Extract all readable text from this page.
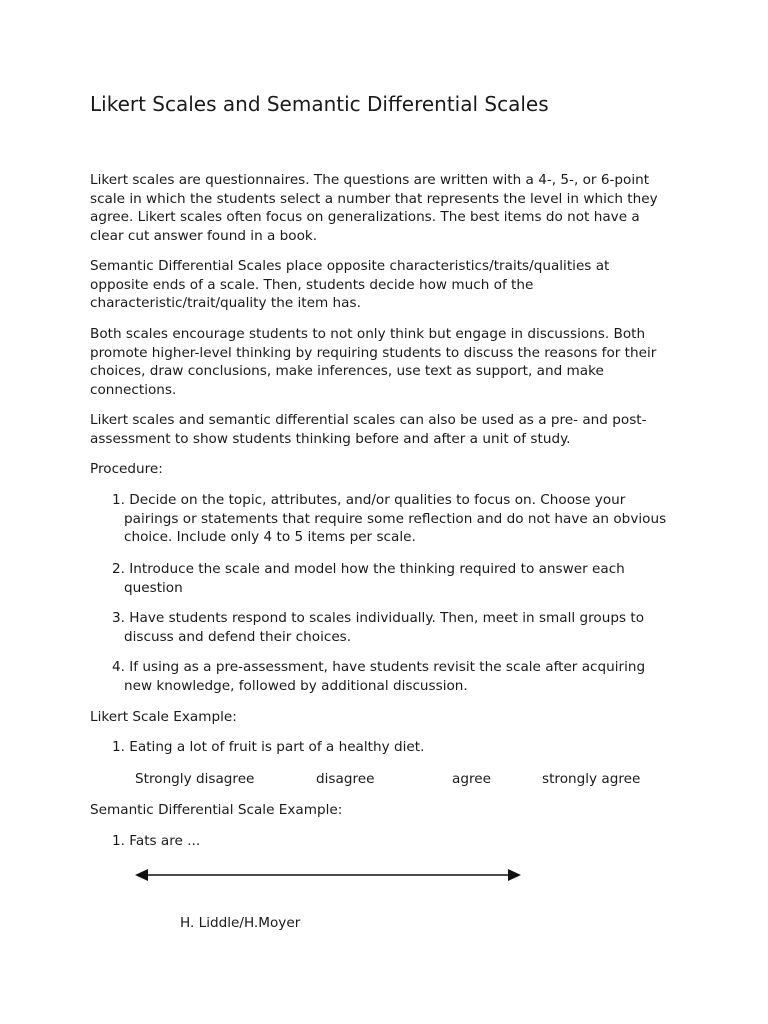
Likert Scales and Semantic Differential Scales
Likert scales are questionnaires. The questions are written with a 4-, 5-, or 6-point
scale in which the students select a number that represents the level in which they
agree. Likert scales often focus on generalizations. The best items do not have a
clear cut answer found in a book.
Semantic Differential Scales place opposite characteristics/traits/qualities at
opposite ends of a scale. Then, students decide how much of the
characteristic/trait/quality the item has.
Both scales encourage students to not only think but engage in discussions. Both
promote higher-level thinking by requiring students to discuss the reasons for their
choices, draw conclusions, make inferences, use text as support, and make
connections.
Likert scales and semantic differential scales can also be used as a pre- and post-
assessment to show students thinking before and after a unit of study.
Procedure:
1. Decide on the topic, attributes, and/or qualities to focus on. Choose your
pairings or statements that require some reflection and do not have an obvious
choice. Include only 4 to 5 items per scale.
2. Introduce the scale and model how the thinking required to answer each
question
3. Have students respond to scales individually. Then, meet in small groups to
discuss and defend their choices.
4. If using as a pre-assessment, have students revisit the scale after acquiring
new knowledge, followed by additional discussion.
Likert Scale Example:
1. Eating a lot of fruit is part of a healthy diet.
Strongly disagree	disagree	agree	strongly agree
Semantic Differential Scale Example:
1. Fats are ...
H. Liddle/H.Moyer
